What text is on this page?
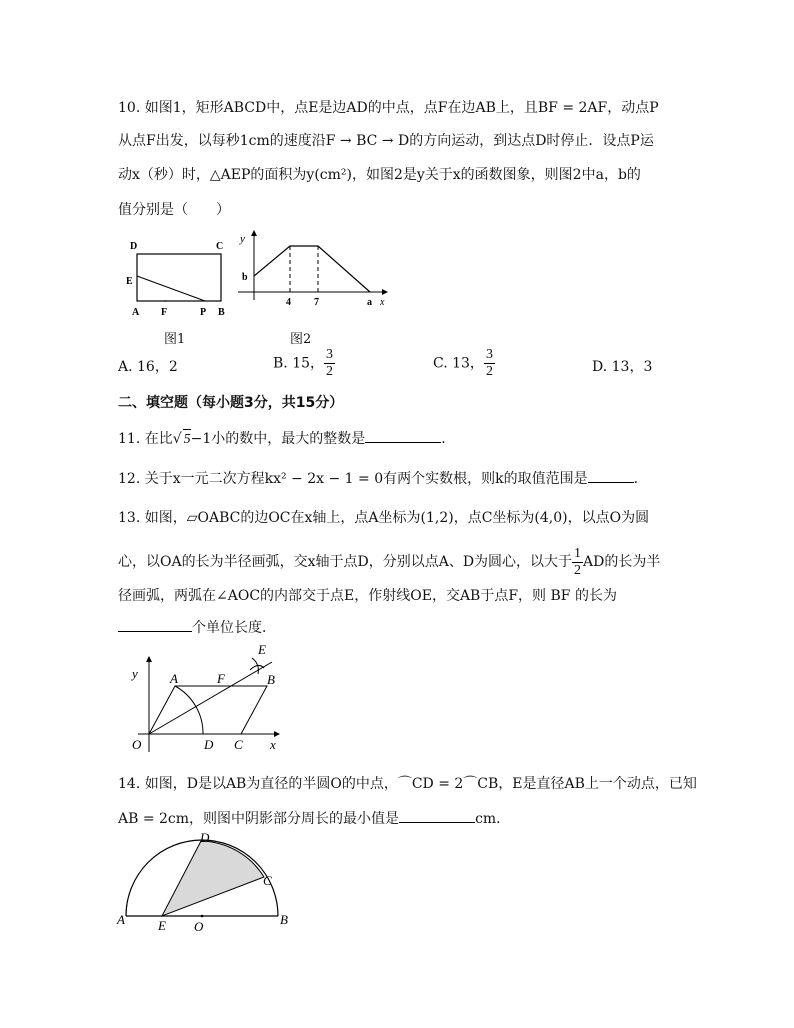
10. 如图1，矩形ABCD中，点E是边AD的中点，点F在边AB上，且BF = 2AF，动点P
从点F出发，以每秒1cm的速度沿F → BC → D的方向运动，到达点D时停止．设点P运
动x（秒）时，△AEP的面积为y(cm²)，如图2是y关于x的函数图象，则图2中a，b的
值分别是（　　）
D	C
E
A F	P B
图1
y
b
4 7	a x
图2
A. 16，2	B. 15， $\frac{3}{2}$	C. 13， $\frac{3}{2}$	D. 13，3
二、填空题（每小题3分，共15分）
11. 在比√ 5−1小的数中，最大的整数是	．
12. 关于x一元二次方程kx² − 2x − 1 = 0有两个实数根，则k的取值范围是	．
13. 如图，▱OABC的边OC在x轴上，点A坐标为(1,2)，点C坐标为(4,0)，以点O为圆
心，以OA的长为半径画弧，交x轴于点D，分别以点A、D为圆心，以大于 $\frac{1}{2}$ AD的长为半
径画弧，两弧在∠AOC的内部交于点E，作射线OE，交AB于点F，则 BF 的长为
个单位长度．
y A	F	B
E
O	D C x
14. 如图，D是以AB为直径的半圆O的中点，⌒CD = 2⌒CB，E是直径AB上一个动点，已知
AB = 2cm，则图中阴影部分周长的最小值是	cm．
A	B
C
D
E O
